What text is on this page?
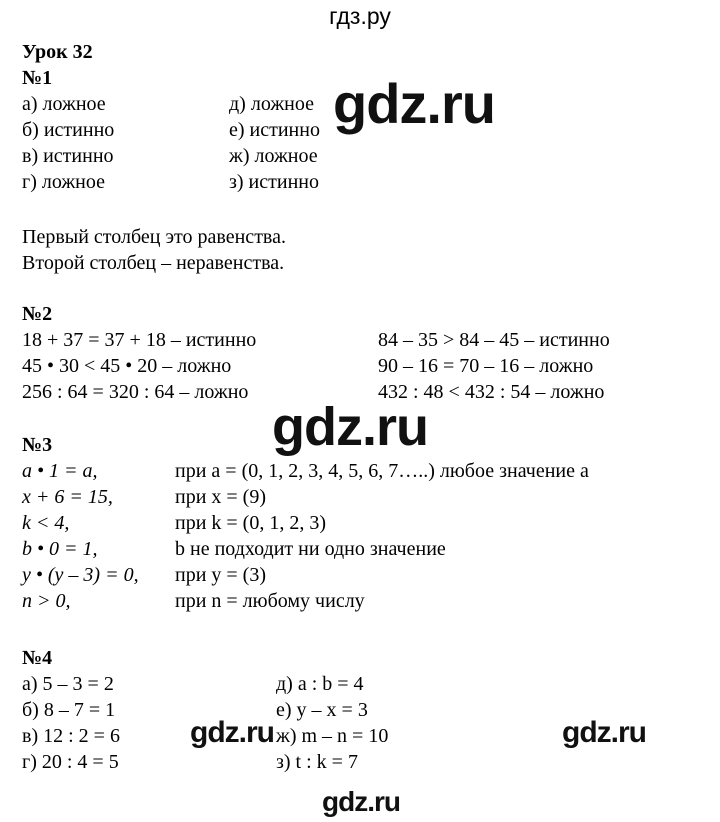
гдз.ру
Урок 32
№1
а) ложное
б) истинно
в) истинно
г) ложное
д) ложное
е) истинно
ж) ложное
з) истинно
Первый столбец это равенства.
Второй столбец – неравенства.
gdz.ru
№2
18 + 37 = 37 + 18 – истинно
45 • 30 < 45 • 20 – ложно
256 : 64 = 320 : 64 – ложно
84 – 35 > 84 – 45 – истинно
90 – 16 = 70 – 16 – ложно
432 : 48 < 432 : 54 – ложно
gdz.ru
№3
a • 1 = a,
x + 6 = 15,
k < 4,
b • 0 = 1,
y • (y – 3) = 0,
n > 0,
при a = (0, 1, 2, 3, 4, 5, 6, 7…..) любое значение a
при x = (9)
при k = (0, 1, 2, 3)
b не подходит ни одно значение
при y = (3)
при n = любому числу
№4
а) 5 – 3 = 2
б) 8 – 7 = 1
в) 12 : 2 = 6
г) 20 : 4 = 5
д) a : b = 4
е) y – x = 3
ж) m – n = 10
з) t : k = 7
gdz.ru	gdz.ru
gdz.ru
